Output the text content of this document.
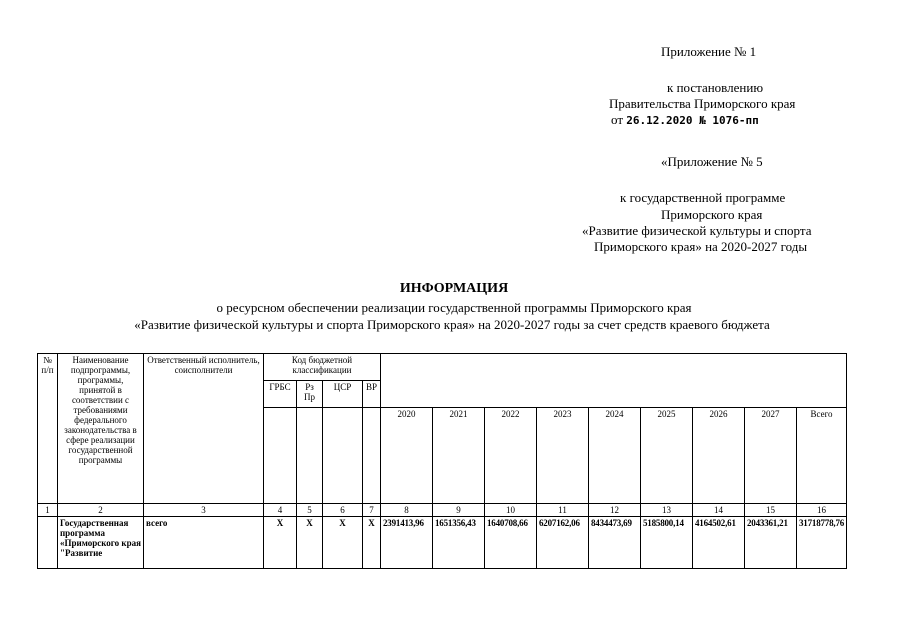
Приложение № 1
к постановлению
Правительства Приморского края
от 26.12.2020 № 1076-пп
«Приложение № 5
к государственной программе
Приморского края
«Развитие физической культуры и спорта
Приморского края» на 2020-2027 годы
ИНФОРМАЦИЯ
о ресурсном обеспечении реализации государственной программы Приморского края
«Развитие физической культуры и спорта Приморского края» на 2020-2027 годы за счет средств краевого бюджета
№ п/п	Наименование подпрограммы, программы, принятой в соответствии с требованиями федерального законодательства в сфере реализации государственной программы	Ответственный исполнитель, соисполнители	Код бюджетной классификации												
			ГРБС	Рз Пр	ЦСР	ВР									
							2020	2021	2022	2023	2024	2025	2026	2027	Всего

1	2	3	4	5	6	7	8	9	10	11	12	13	14	15	16
	Государственная программа «Приморского края "Развитие	всего	Х	Х	Х	Х	2391413,96	1651356,43	1640708,66	6207162,06	8434473,69	5185800,14	4164502,61	2043361,21	31718778,76
